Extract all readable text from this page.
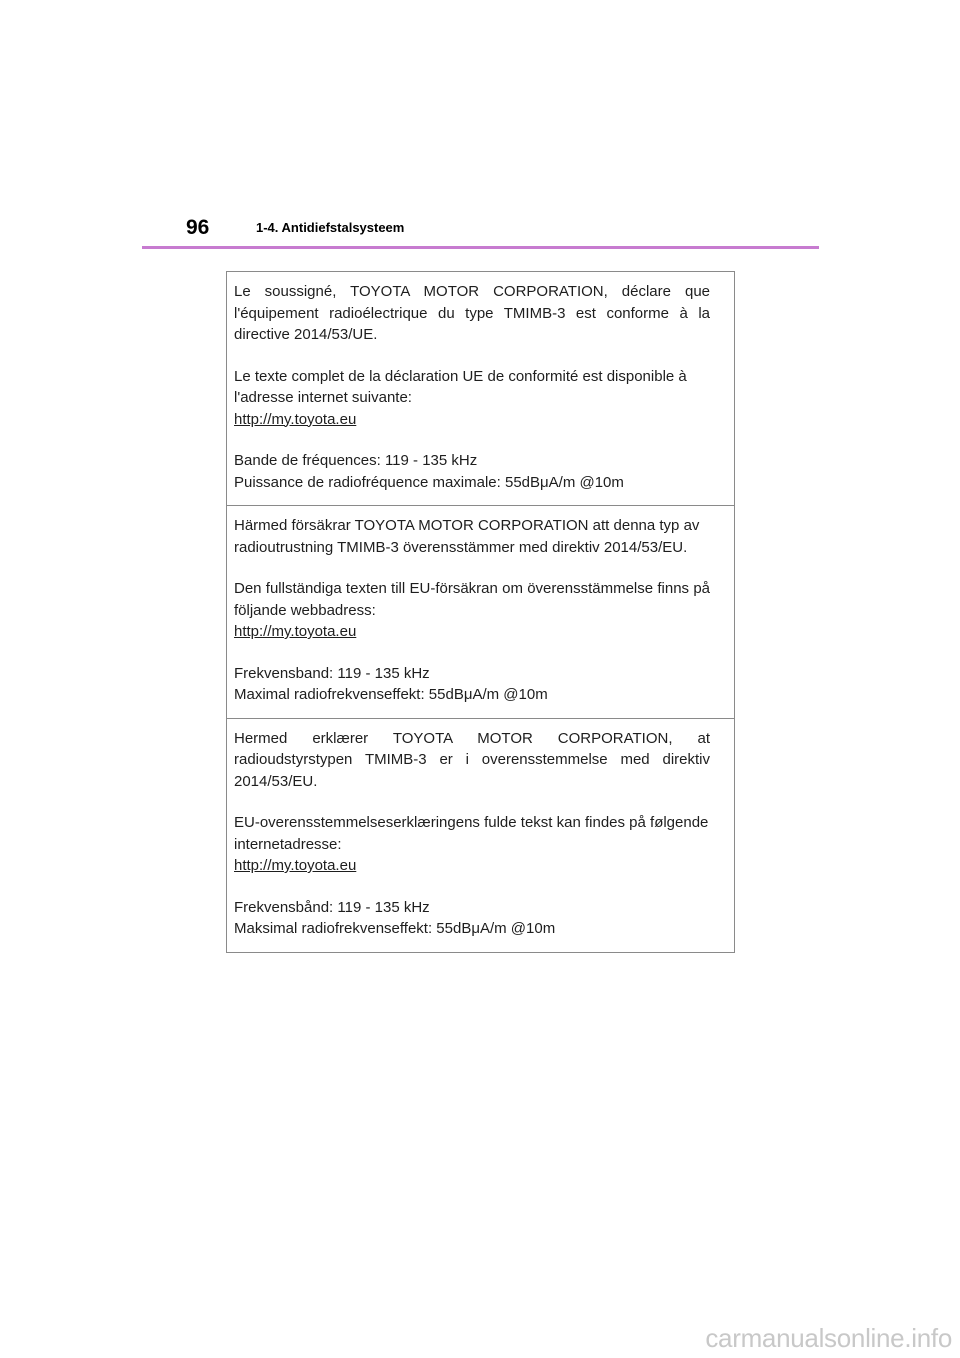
96	1-4. Antidiefstalsysteem

Le soussigné, TOYOTA MOTOR CORPORATION, déclare que l'équipement radioélectrique du type TMIMB-3 est conforme à la directive 2014/53/UE.

Le texte complet de la déclaration UE de conformité est disponible à l'adresse internet suivante:
http://my.toyota.eu

Bande de fréquences: 119 - 135 kHz
Puissance de radiofréquence maximale: 55dBμA/m @10m

Härmed försäkrar TOYOTA MOTOR CORPORATION att denna typ av radioutrustning TMIMB-3 överensstämmer med direktiv 2014/53/EU.

Den fullständiga texten till EU-försäkran om överensstämmelse finns på följande webbadress:
http://my.toyota.eu

Frekvensband: 119 - 135 kHz
Maximal radiofrekvenseffekt: 55dBμA/m @10m

Hermed erklærer TOYOTA MOTOR CORPORATION, at radioudstyrstypen TMIMB-3 er i overensstemmelse med direktiv 2014/53/EU.

EU-overensstemmelseserklæringens fulde tekst kan findes på følgende internetadresse:
http://my.toyota.eu

Frekvensbånd: 119 - 135 kHz
Maksimal radiofrekvenseffekt: 55dBμA/m @10m

carmanualsonline.info
